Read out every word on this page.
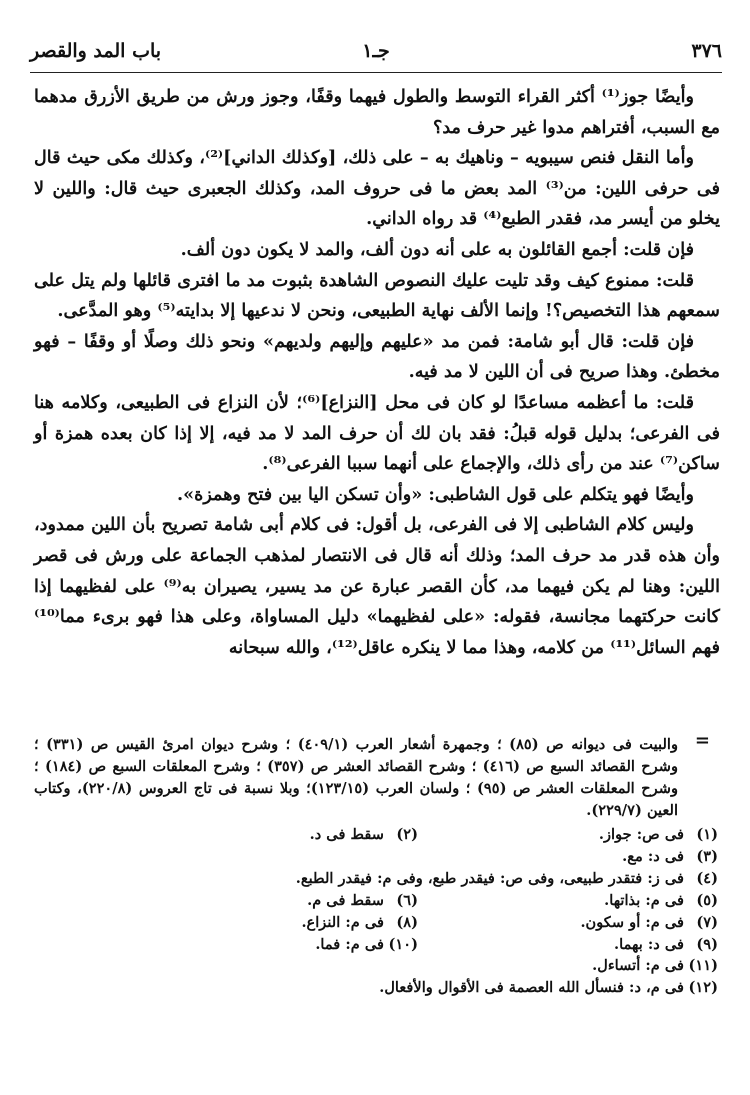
٣٧٦
جـ١
باب المد والقصر

وأيضًا جوز⁽¹⁾ أكثر القراء التوسط والطول فيهما وقفًا، وجوز ورش من طريق الأزرق مدهما مع السبب، أفتراهم مدوا غير حرف مد؟

وأما النقل فنص سيبويه – وناهيك به – على ذلك، [وكذلك الداني]⁽²⁾، وكذلك مكى حيث قال فى حرفى اللين: من⁽³⁾ المد بعض ما فى حروف المد، وكذلك الجعبرى حيث قال: واللين لا يخلو من أيسر مد، فقدر الطبع⁽⁴⁾ قد رواه الداني.

فإن قلت: أجمع القائلون به على أنه دون ألف، والمد لا يكون دون ألف.

قلت: ممنوع كيف وقد تليت عليك النصوص الشاهدة بثبوت مد ما افترى قائلها ولم يتل على سمعهم هذا التخصيص؟! وإنما الألف نهاية الطبيعى، ونحن لا ندعيها إلا بدايته⁽⁵⁾ وهو المدَّعى.

فإن قلت: قال أبو شامة: فمن مد «عليهم وإليهم ولديهم» ونحو ذلك وصلًا أو وقفًا – فهو مخطئ. وهذا صريح فى أن اللين لا مد فيه.

قلت: ما أعظمه مساعدًا لو كان فى محل [النزاع]⁽⁶⁾؛ لأن النزاع فى الطبيعى، وكلامه هنا فى الفرعى؛ بدليل قوله قبلُ: فقد بان لك أن حرف المد لا مد فيه، إلا إذا كان بعده همزة أو ساكن⁽⁷⁾ عند من رأى ذلك، والإجماع على أنهما سببا الفرعى⁽⁸⁾.

وأيضًا فهو يتكلم على قول الشاطبى: «وأن تسكن اليا بين فتح وهمزة».

وليس كلام الشاطبى إلا فى الفرعى، بل أقول: فى كلام أبى شامة تصريح بأن اللين ممدود، وأن هذه قدر مد حرف المد؛ وذلك أنه قال فى الانتصار لمذهب الجماعة على ورش فى قصر اللين: وهنا لم يكن فيهما مد، كأن القصر عبارة عن مد يسير، يصيران به⁽⁹⁾ على لفظيهما إذا كانت حركتهما مجانسة، فقوله: «على لفظيهما» دليل المساواة، وعلى هذا فهو برىء مما⁽¹⁰⁾ فهم السائل⁽¹¹⁾ من كلامه، وهذا مما لا ينكره عاقل⁽¹²⁾، والله سبحانه

=
والبيت فى ديوانه ص (٨٥) ؛ وجمهرة أشعار العرب (٤٠٩/١) ؛ وشرح ديوان امرئ القيس ص (٣٣١) ؛ وشرح القصائد السبع ص (٤١٦) ؛ وشرح القصائد العشر ص (٣٥٧) ؛ وشرح المعلقات السبع ص (١٨٤) ؛ وشرح المعلقات العشر ص (٩٥) ؛ ولسان العرب (١٢٣/١٥)؛ وبلا نسبة فى تاج العروس (٢٢٠/٨)، وكتاب العين (٢٢٩/٧).
(١)فى ص: جواز.
(٢)سقط فى د.
(٣)فى د: مع.
(٤)فى ز: فتقدر طبيعى، وفى ص: فيقدر طبع، وفى م: فيقدر الطبع.
(٥)فى م: بذاتها.
(٦)سقط فى م.
(٧)فى م: أو سكون.
(٨)فى م: النزاع.
(٩)فى د: بهما.
(١٠)فى م: فما.
(١١)فى م: أتساءل.
(١٢)فى م، د: فنسأل الله العصمة فى الأقوال والأفعال.
